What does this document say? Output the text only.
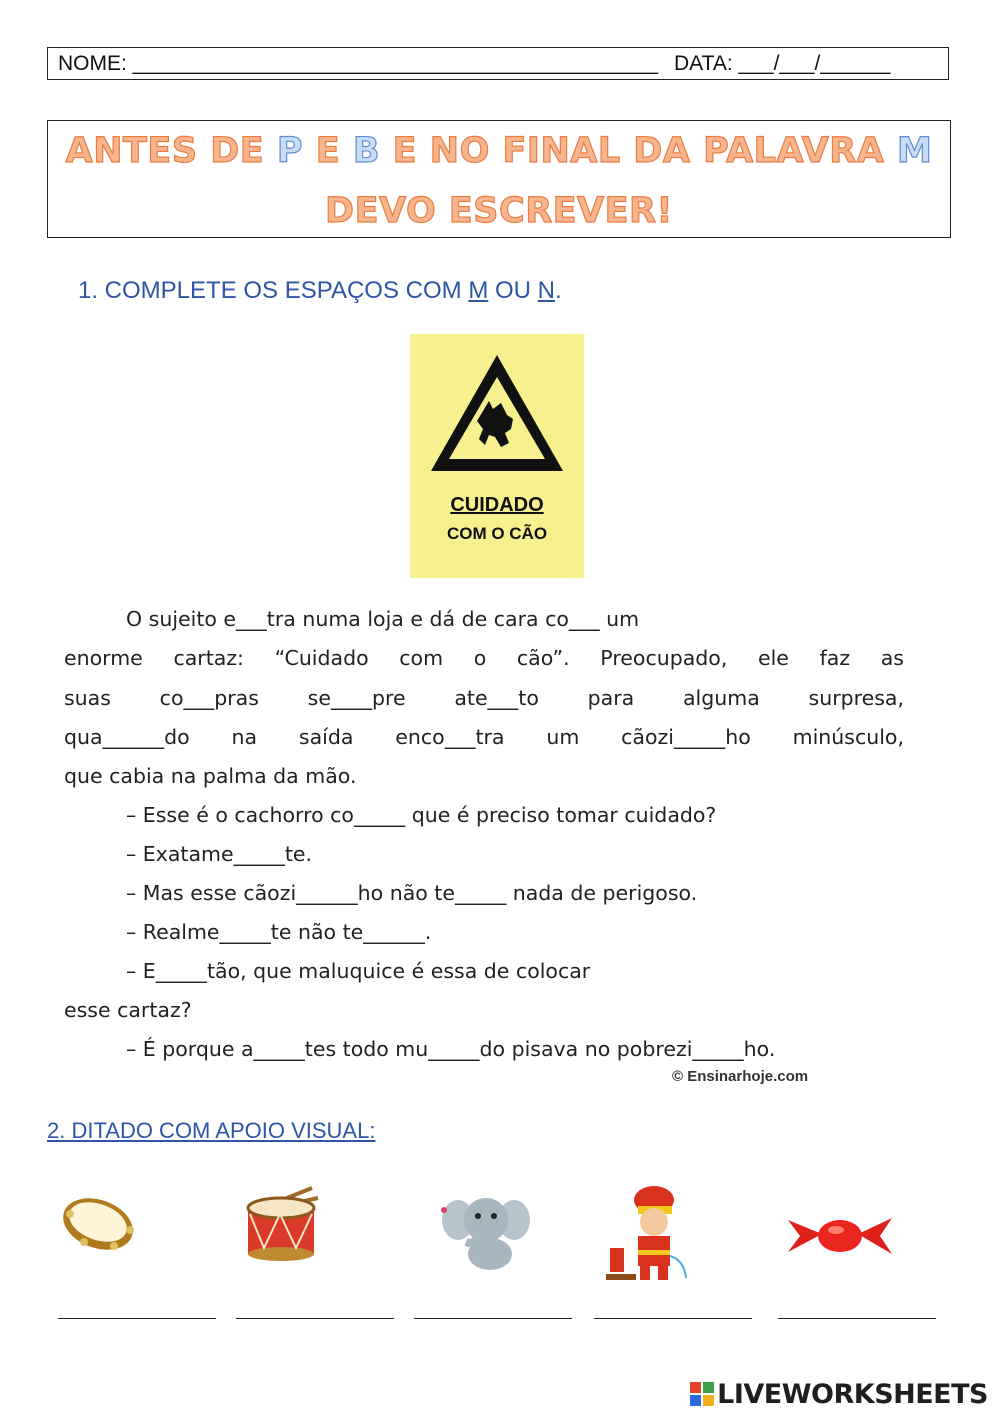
NOME: _____________________________________________ DATA: ___/___/______
ANTES DE P E B E NO FINAL DA PALAVRA M
DEVO ESCREVER!
1. COMPLETE OS ESPAÇOS COM M OU N.
CUIDADO
COM O CÃO
O sujeito e___tra numa loja e dá de cara co___ um
enorme cartaz: “Cuidado com o cão”. Preocupado, ele faz as
suas co___pras se____pre ate___to para alguma surpresa,
qua______do na saída enco___tra um cãozi_____ho minúsculo,
que cabia na palma da mão.
– Esse é o cachorro co_____ que é preciso tomar cuidado?
– Exatame_____te.
– Mas esse cãozi______ho não te_____ nada de perigoso.
– Realme_____te não te______.
– E_____tão, que maluquice é essa de colocar
esse cartaz?
– É porque a_____tes todo mu_____do pisava no pobrezi_____ho.
© Ensinarhoje.com
2. DITADO COM APOIO VISUAL:
LIVEWORKSHEETS
